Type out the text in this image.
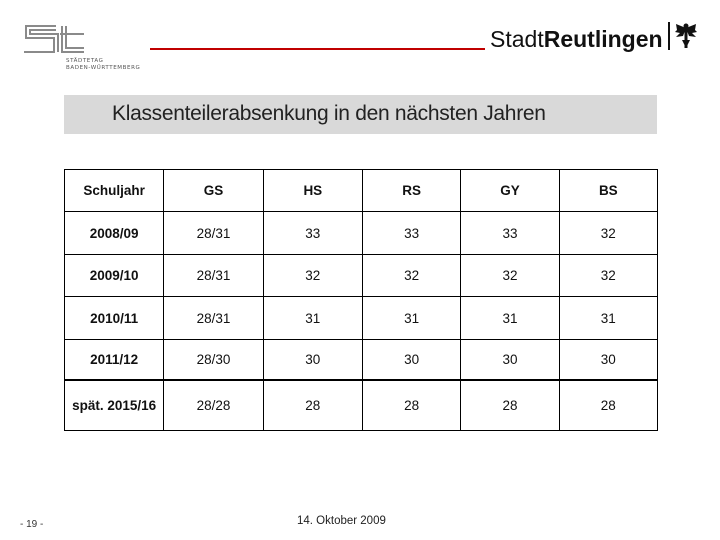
STÄDTETAG
BADEN-WÜRTTEMBERG
StadtReutlingen
Klassenteilerabsenkung in den nächsten Jahren
Schuljahr	GS	HS	RS	GY	BS
2008/09	28/31	33	33	33	32
2009/10	28/31	32	32	32	32
2010/11	28/31	31	31	31	31
2011/12	28/30	30	30	30	30
spät. 2015/16	28/28	28	28	28	28
- 19 -	14. Oktober 2009
